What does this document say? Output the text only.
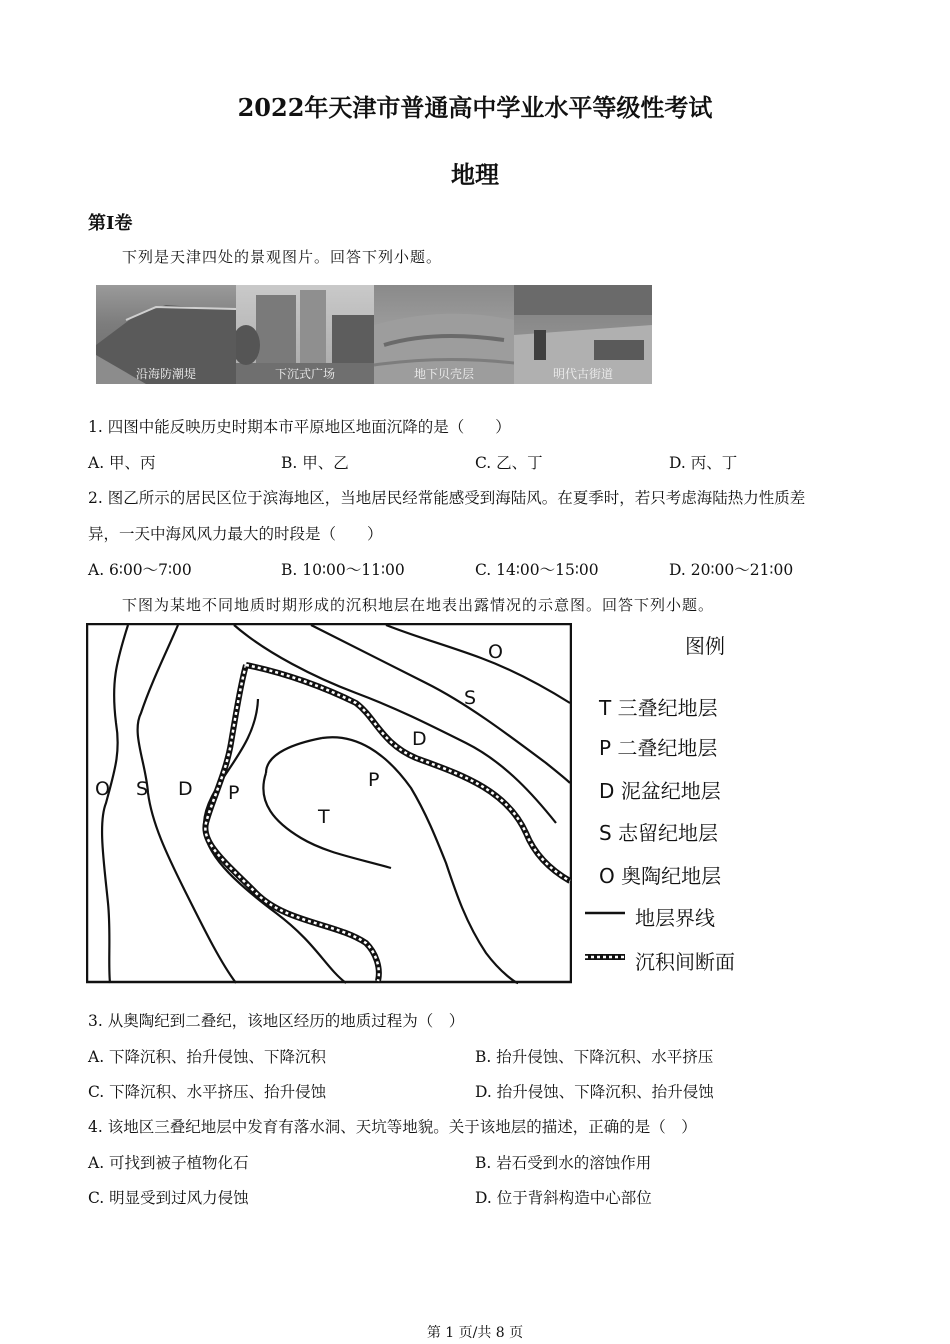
2022年天津市普通高中学业水平等级性考试
地理
第Ⅰ卷
下列是天津四处的景观图片。回答下列小题。
沿海防潮堤	下沉式广场	地下贝壳层	明代古街道
1. 四图中能反映历史时期本市平原地区地面沉降的是（　　）
A. 甲、丙	B. 甲、乙	C. 乙、丁	D. 丙、丁
2. 图乙所示的居民区位于滨海地区，当地居民经常能感受到海陆风。在夏季时，若只考虑海陆热力性质差
异，一天中海风风力最大的时段是（　　）
A. 6∶00～7∶00	B. 10∶00～11∶00	C. 14∶00～15∶00	D. 20∶00～21∶00
下图为某地不同地质时期形成的沉积地层在地表出露情况的示意图。回答下列小题。
O S D P
T
P
D
S
O	图例
T 三叠纪地层
P 二叠纪地层
D 泥盆纪地层
S 志留纪地层
O 奥陶纪地层
地层界线
沉积间断面
3. 从奥陶纪到二叠纪，该地区经历的地质过程为（　）
A. 下降沉积、抬升侵蚀、下降沉积	B. 抬升侵蚀、下降沉积、水平挤压
C. 下降沉积、水平挤压、抬升侵蚀	D. 抬升侵蚀、下降沉积、抬升侵蚀
4. 该地区三叠纪地层中发育有落水洞、天坑等地貌。关于该地层的描述，正确的是（　）
A. 可找到被子植物化石	B. 岩石受到水的溶蚀作用
C. 明显受到过风力侵蚀	D. 位于背斜构造中心部位
第 1 页/共 8 页
